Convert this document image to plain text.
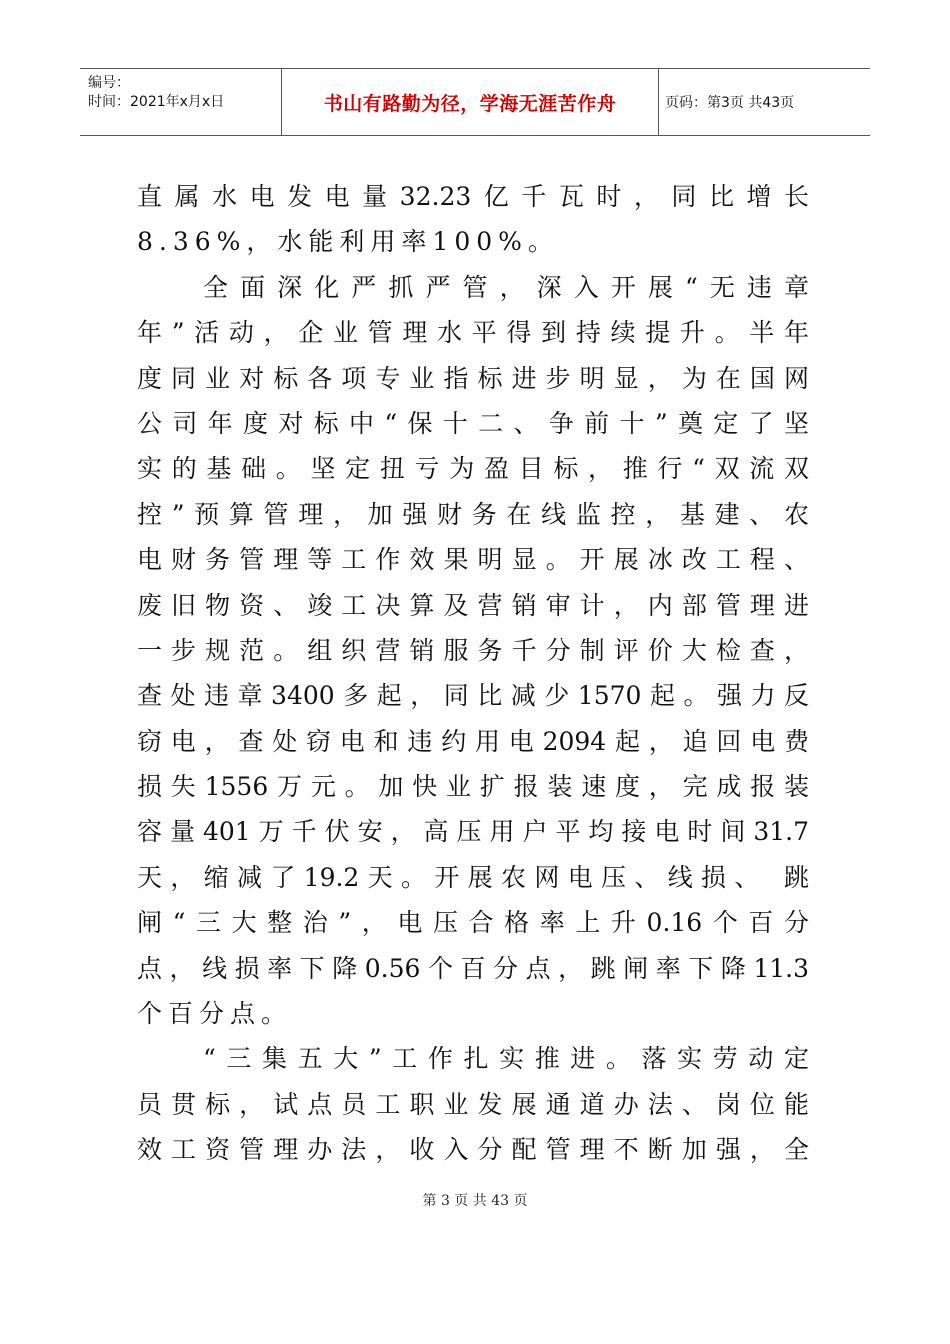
编号：
时间：2021年x月x日	书山有路勤为径，学海无涯苦作舟	页码：第3页 共43页
直属水电发电量32.23亿千瓦时，同比增长
8.36%，水能利用率100%。
全面深化严抓严管，深入开展“无违章
年”活动，企业管理水平得到持续提升。半年
度同业对标各项专业指标进步明显，为在国网
公司年度对标中“保十二、争前十”奠定了坚
实的基础。坚定扭亏为盈目标，推行“双流双
控”预算管理，加强财务在线监控，基建、农
电财务管理等工作效果明显。开展冰改工程、
废旧物资、竣工决算及营销审计，内部管理进
一步规范。组织营销服务千分制评价大检查，
查处违章3400多起，同比减少1570起。强力反
窃电，查处窃电和违约用电2094起，追回电费
损失1556万元。加快业扩报装速度，完成报装
容量401万千伏安，高压用户平均接电时间31.7
天，缩减了19.2天。开展农网电压、线损、 跳
闸“三大整治”，电压合格率上升0.16个百分
点，线损率下降0.56个百分点，跳闸率下降11.3
个百分点。
“三集五大”工作扎实推进。落实劳动定
员贯标，试点员工职业发展通道办法、岗位能
效工资管理办法，收入分配管理不断加强，全
第 3 页 共 43 页
